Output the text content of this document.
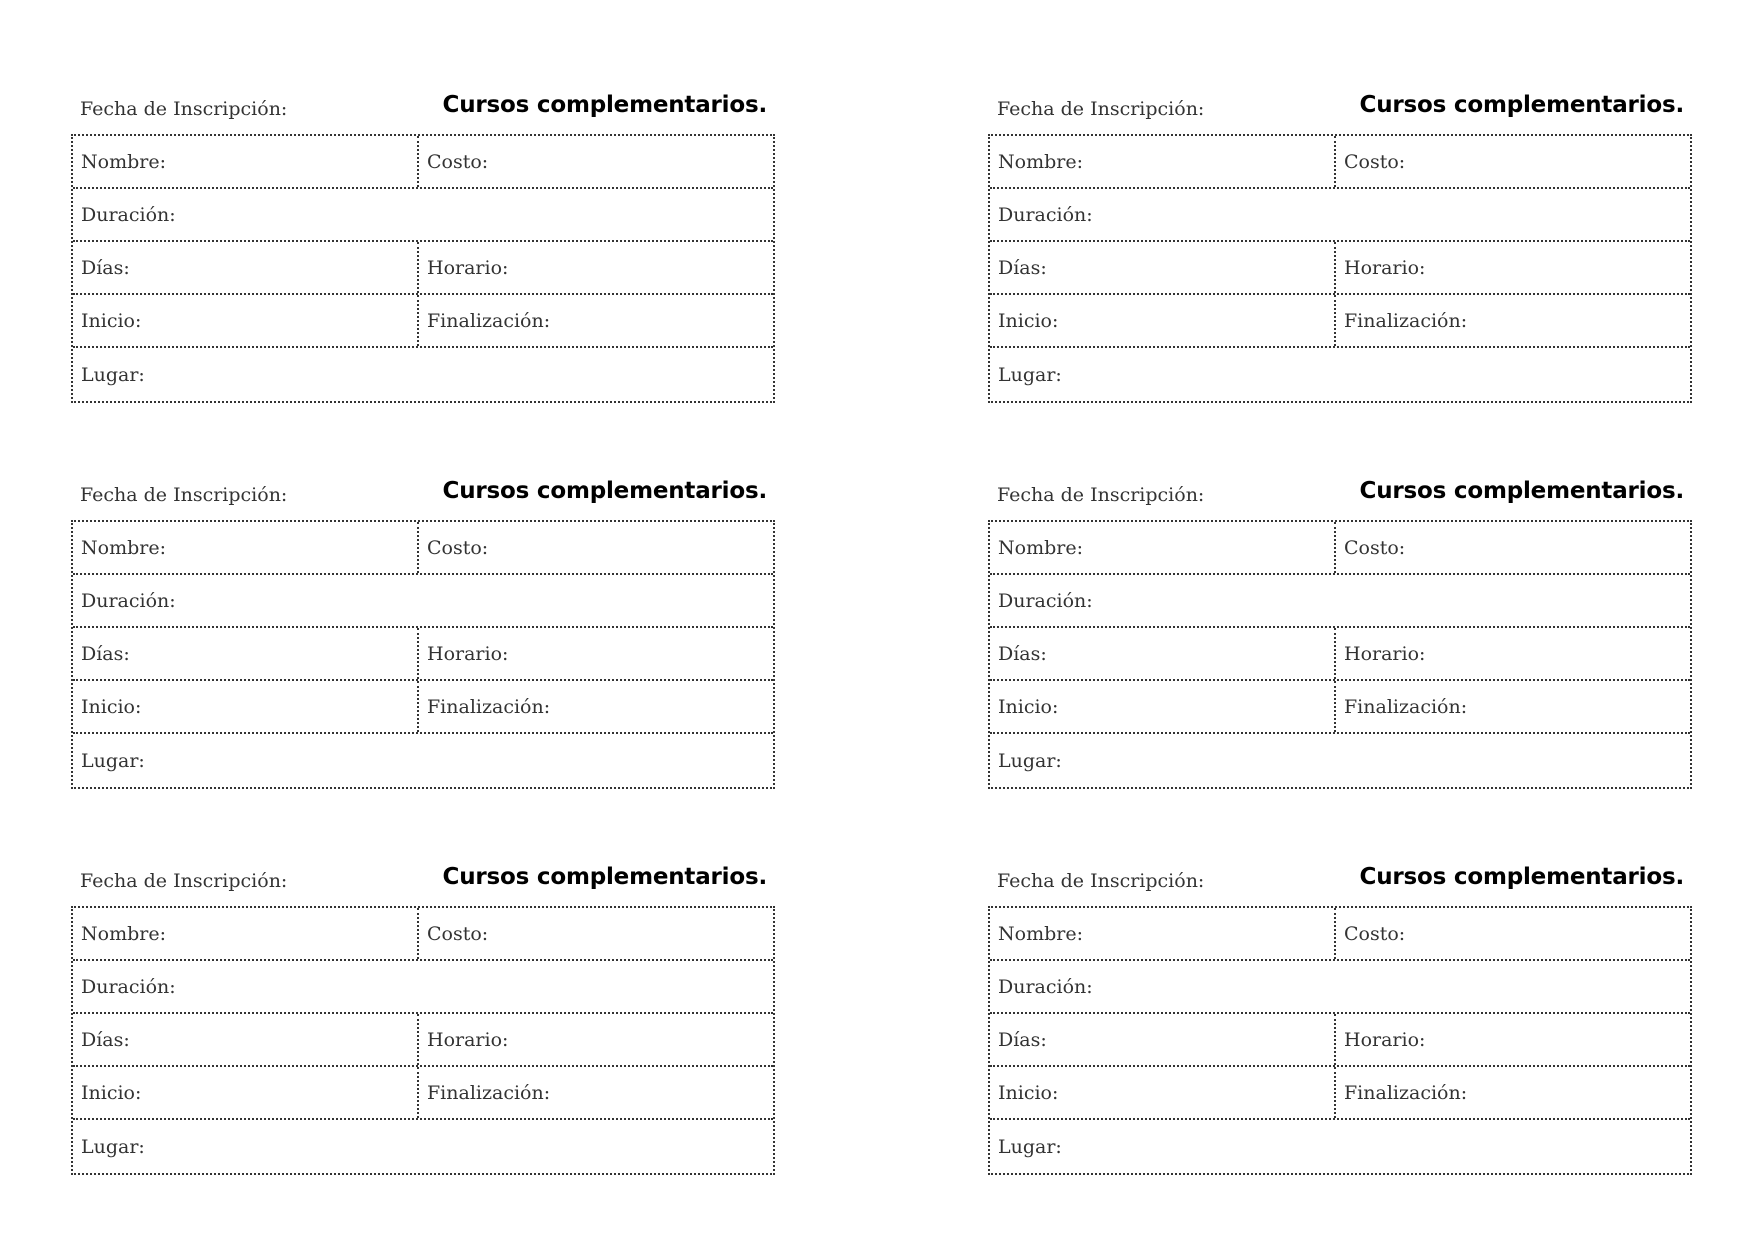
Fecha de Inscripción:	Cursos complementarios.
Nombre:	Costo:
Duración:
Días:	Horario:
Inicio:	Finalización:
Lugar:
Fecha de Inscripción:	Cursos complementarios.
Nombre:	Costo:
Duración:
Días:	Horario:
Inicio:	Finalización:
Lugar:
Fecha de Inscripción:	Cursos complementarios.
Nombre:	Costo:
Duración:
Días:	Horario:
Inicio:	Finalización:
Lugar:
Fecha de Inscripción:	Cursos complementarios.
Nombre:	Costo:
Duración:
Días:	Horario:
Inicio:	Finalización:
Lugar:
Fecha de Inscripción:	Cursos complementarios.
Nombre:	Costo:
Duración:
Días:	Horario:
Inicio:	Finalización:
Lugar:
Fecha de Inscripción:	Cursos complementarios.
Nombre:	Costo:
Duración:
Días:	Horario:
Inicio:	Finalización:
Lugar:
